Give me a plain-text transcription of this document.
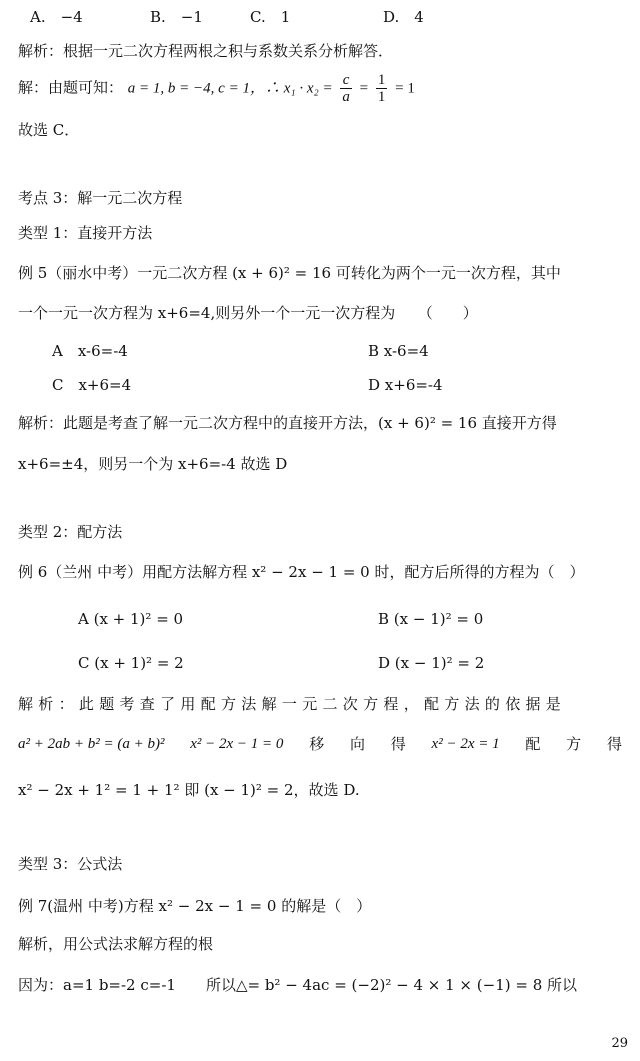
A.　−4	B.　−1	C.　1	D.　4
解析：根据一元二次方程两根之积与系数关系分析解答．
解：由题可知： a = 1, b = −4, c = 1，∴ $x_1 \cdot x_2 = \frac{c}{a} = \frac{1}{1} = 1$
故选 C．
考点 3：解一元二次方程
类型 1：直接开方法
例 5（丽水中考）一元二次方程 (x + 6)² = 16 可转化为两个一元一次方程，其中
一个一元一次方程为 x+6=4,则另外一个一元一次方程为　　（　　）
A　x-6=-4	B x-6=4
C　x+6=4	D x+6=-4
解析：此题是考查了解一元二次方程中的直接开方法，(x + 6)² = 16 直接开方得
x+6=±4，则另一个为 x+6=-4 故选 D
类型 2：配方法
例 6（兰州 中考）用配方法解方程 x² − 2x − 1 = 0 时，配方后所得的方程为（　）
A (x + 1)² = 0	B (x − 1)² = 0
C (x + 1)² = 2	D (x − 1)² = 2
解析：此题考查了用配方法解一元二次方程，配方法的依据是
a² + 2ab + b² = (a + b)² x² − 2x − 1 = 0 移 向 得 x² − 2x = 1 配 方 得
x² − 2x + 1² = 1 + 1² 即 (x − 1)² = 2，故选 D.
类型 3：公式法
例 7(温州 中考)方程 x² − 2x − 1 = 0 的解是（　）
解析，用公式法求解方程的根
因为：a=1 b=-2 c=-1　　所以△= b² − 4ac = (−2)² − 4 × 1 × (−1) = 8 所以
29
